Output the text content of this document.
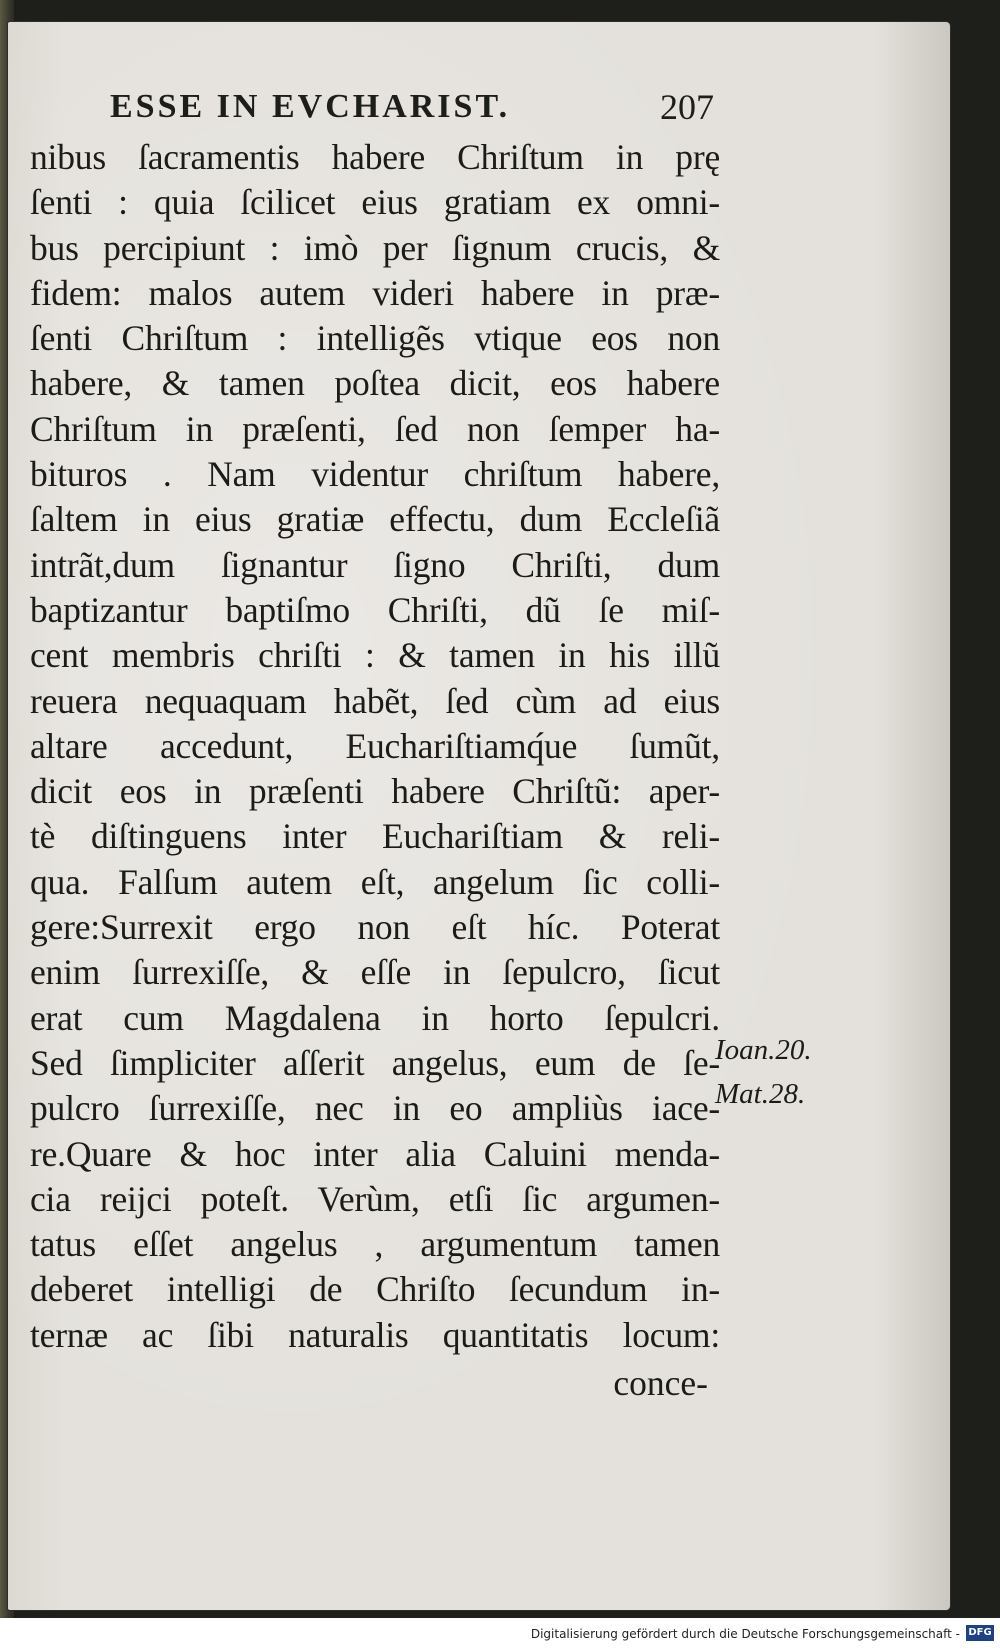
ESSE IN EVCHARIST.	207
nibus ſacramentis habere Chriſtum in prę
ſenti : quia ſcilicet eius gratiam ex omni-
bus percipiunt : imò per ſignum crucis, &
fidem: malos autem videri habere in præ-
ſenti Chriſtum : intelligẽs vtique eos non
habere, & tamen poſtea dicit, eos habere
Chriſtum in præſenti, ſed non ſemper ha-
bituros . Nam videntur chriſtum habere,
ſaltem in eius gratiæ effectu, dum Eccleſiã
intrãt,dum ſignantur ſigno Chriſti, dum
baptizantur baptiſmo Chriſti, dũ ſe miſ-
cent membris chriſti : & tamen in his illũ
reuera nequaquam habẽt, ſed cùm ad eius
altare accedunt, Euchariſtiamq́ue ſumũt,
dicit eos in præſenti habere Chriſtũ: aper-
tè diſtinguens inter Euchariſtiam & reli-
qua. Falſum autem eſt, angelum ſic colli-
gere:Surrexit ergo non eſt híc. Poterat
enim ſurrexiſſe, & eſſe in ſepulcro, ſicut
erat cum Magdalena in horto ſepulcri.
Sed ſimpliciter aſſerit angelus, eum de ſe-
pulcro ſurrexiſſe, nec in eo ampliùs iace-
re.Quare & hoc inter alia Caluini menda-
cia reijci poteſt. Verùm, etſi ſic argumen-
tatus eſſet angelus , argumentum tamen
deberet intelligi de Chriſto ſecundum in-
ternæ ac ſibi naturalis quantitatis locum:
conce-
Ioan.20.
Mat.28.
Digitalisierung gefördert durch die Deutsche Forschungsgemeinschaft - DFG
